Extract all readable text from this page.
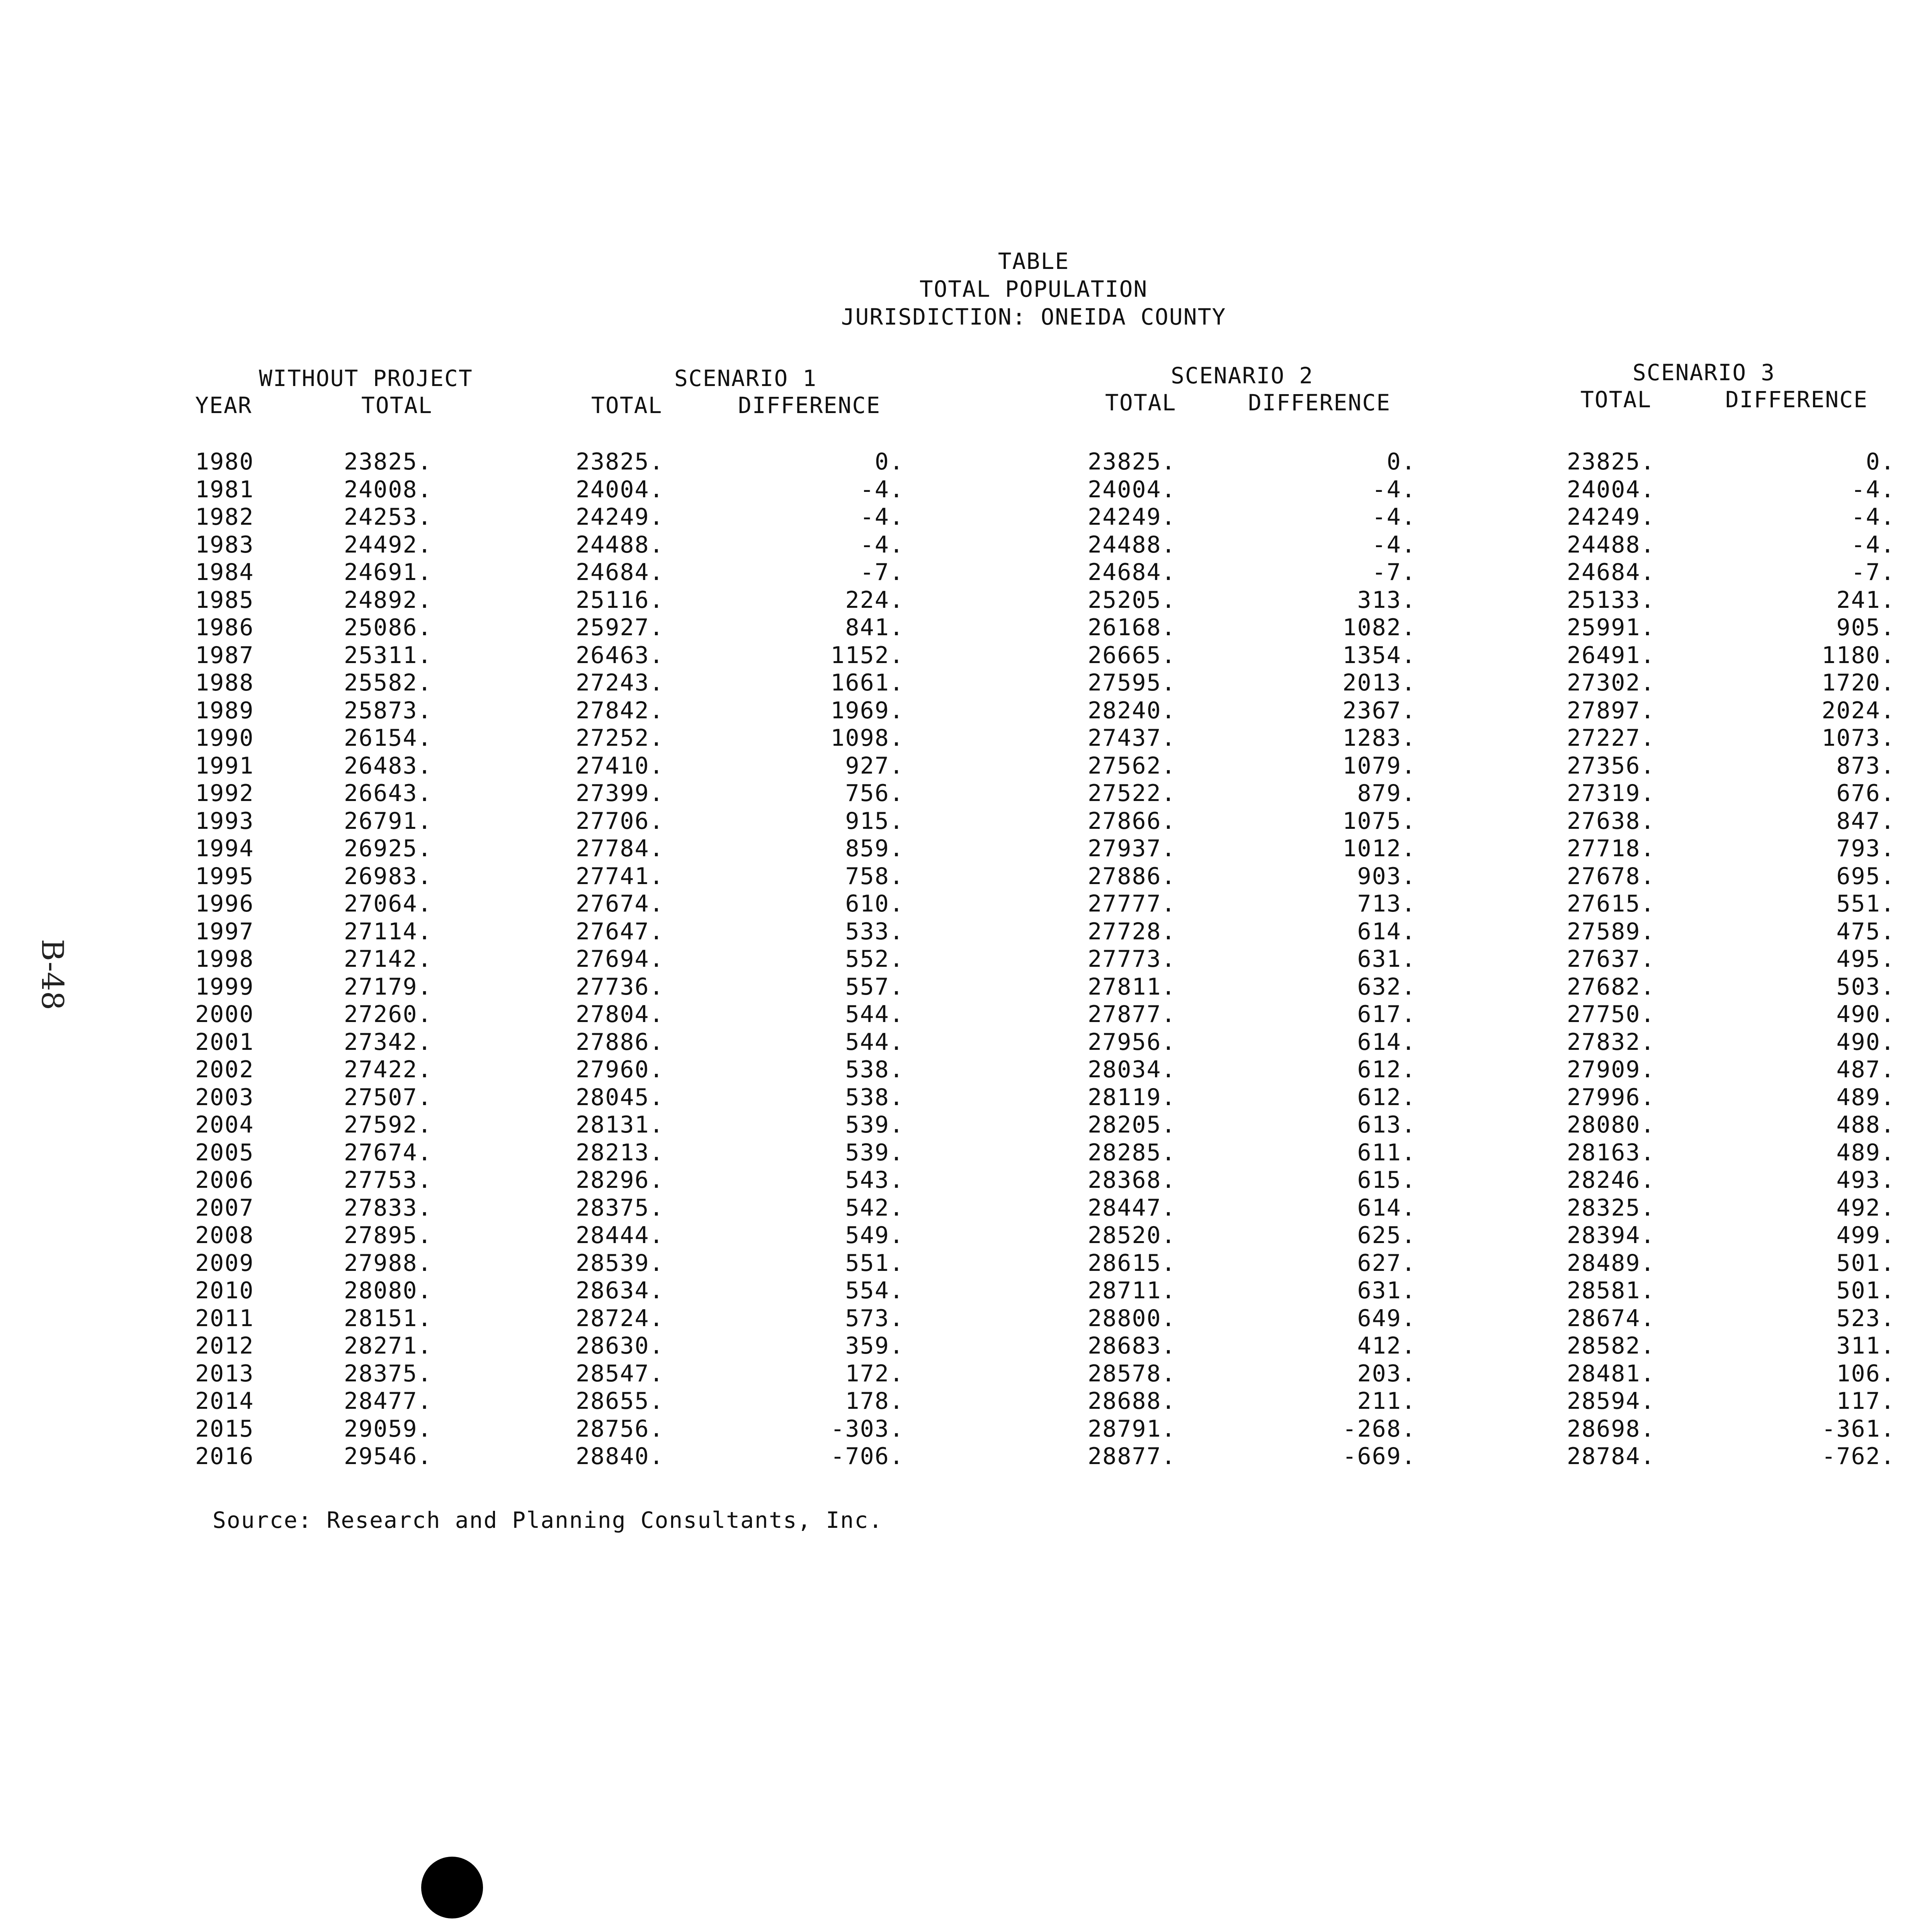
B-48
TABLE
TOTAL POPULATION
JURISDICTION: ONEIDA COUNTY
WITHOUT PROJECT
YEAR	TOTAL
SCENARIO 1
TOTAL	DIFFERENCE
SCENARIO 2
TOTAL	DIFFERENCE
SCENARIO 3
TOTAL	DIFFERENCE
1980	23825.	23825.	0.	23825.	0.	23825.	0.
1981	24008.	24004.	-4.	24004.	-4.	24004.	-4.
1982	24253.	24249.	-4.	24249.	-4.	24249.	-4.
1983	24492.	24488.	-4.	24488.	-4.	24488.	-4.
1984	24691.	24684.	-7.	24684.	-7.	24684.	-7.
1985	24892.	25116.	224.	25205.	313.	25133.	241.
1986	25086.	25927.	841.	26168.	1082.	25991.	905.
1987	25311.	26463.	1152.	26665.	1354.	26491.	1180.
1988	25582.	27243.	1661.	27595.	2013.	27302.	1720.
1989	25873.	27842.	1969.	28240.	2367.	27897.	2024.
1990	26154.	27252.	1098.	27437.	1283.	27227.	1073.
1991	26483.	27410.	927.	27562.	1079.	27356.	873.
1992	26643.	27399.	756.	27522.	879.	27319.	676.
1993	26791.	27706.	915.	27866.	1075.	27638.	847.
1994	26925.	27784.	859.	27937.	1012.	27718.	793.
1995	26983.	27741.	758.	27886.	903.	27678.	695.
1996	27064.	27674.	610.	27777.	713.	27615.	551.
1997	27114.	27647.	533.	27728.	614.	27589.	475.
1998	27142.	27694.	552.	27773.	631.	27637.	495.
1999	27179.	27736.	557.	27811.	632.	27682.	503.
2000	27260.	27804.	544.	27877.	617.	27750.	490.
2001	27342.	27886.	544.	27956.	614.	27832.	490.
2002	27422.	27960.	538.	28034.	612.	27909.	487.
2003	27507.	28045.	538.	28119.	612.	27996.	489.
2004	27592.	28131.	539.	28205.	613.	28080.	488.
2005	27674.	28213.	539.	28285.	611.	28163.	489.
2006	27753.	28296.	543.	28368.	615.	28246.	493.
2007	27833.	28375.	542.	28447.	614.	28325.	492.
2008	27895.	28444.	549.	28520.	625.	28394.	499.
2009	27988.	28539.	551.	28615.	627.	28489.	501.
2010	28080.	28634.	554.	28711.	631.	28581.	501.
2011	28151.	28724.	573.	28800.	649.	28674.	523.
2012	28271.	28630.	359.	28683.	412.	28582.	311.
2013	28375.	28547.	172.	28578.	203.	28481.	106.
2014	28477.	28655.	178.	28688.	211.	28594.	117.
2015	29059.	28756.	-303.	28791.	-268.	28698.	-361.
2016	29546.	28840.	-706.	28877.	-669.	28784.	-762.
Source: Research and Planning Consultants, Inc.
